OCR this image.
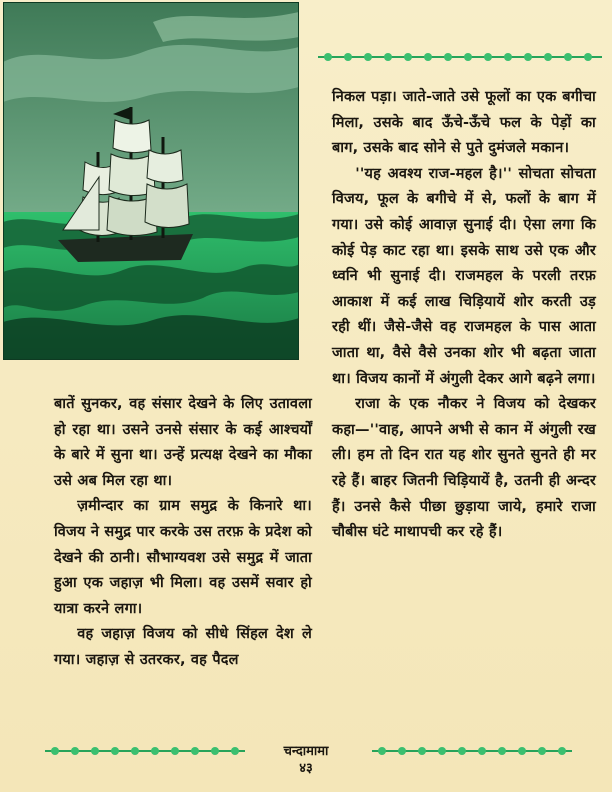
निकल पड़ा। जाते-जाते उसे फूलों का एक बगीचा मिला, उसके बाद ऊँचे-ऊँचे फल के पेड़ों का बाग, उसके बाद सोने से पुते दुमंजले मकान।

''यह अवश्य राज-महल है।'' सोचता सोचता विजय, फूल के बगीचे में से, फलों के बाग में गया। उसे कोई आवाज़ सुनाई दी। ऐसा लगा कि कोई पेड़ काट रहा था। इसके साथ उसे एक और ध्वनि भी सुनाई दी। राजमहल के परली तरफ़ आकाश में कई लाख चिड़ियायें शोर करती उड़ रही थीं। जैसे-जैसे वह राजमहल के पास आता जाता था, वैसे वैसे उनका शोर भी बढ़ता जाता था। विजय कानों में अंगुली देकर आगे बढ़ने लगा।

राजा के एक नौकर ने विजय को देखकर कहा—''वाह, आपने अभी से कान में अंगुली रख ली। हम तो दिन रात यह शोर सुनते सुनते ही मर रहे हैं। बाहर जितनी चिड़ियायें है, उतनी ही अन्दर हैं। उनसे कैसे पीछा छुड़ाया जाये, हमारे राजा चौबीस घंटे माथापची कर रहे हैं।

बातें सुनकर, वह संसार देखने के लिए उतावला हो रहा था। उसने उनसे संसार के कई आश्चर्यों के बारे में सुना था। उन्हें प्रत्यक्ष देखने का मौका उसे अब मिल रहा था।

ज़मीन्दार का ग्राम समुद्र के किनारे था। विजय ने समुद्र पार करके उस तरफ़ के प्रदेश को देखने की ठानी। सौभाग्यवश उसे समुद्र में जाता हुआ एक जहाज़ भी मिला। वह उसमें सवार हो यात्रा करने लगा।

वह जहाज़ विजय को सीधे सिंहल देश ले गया। जहाज़ से उतरकर, वह पैदल

चन्दामामा
४३
